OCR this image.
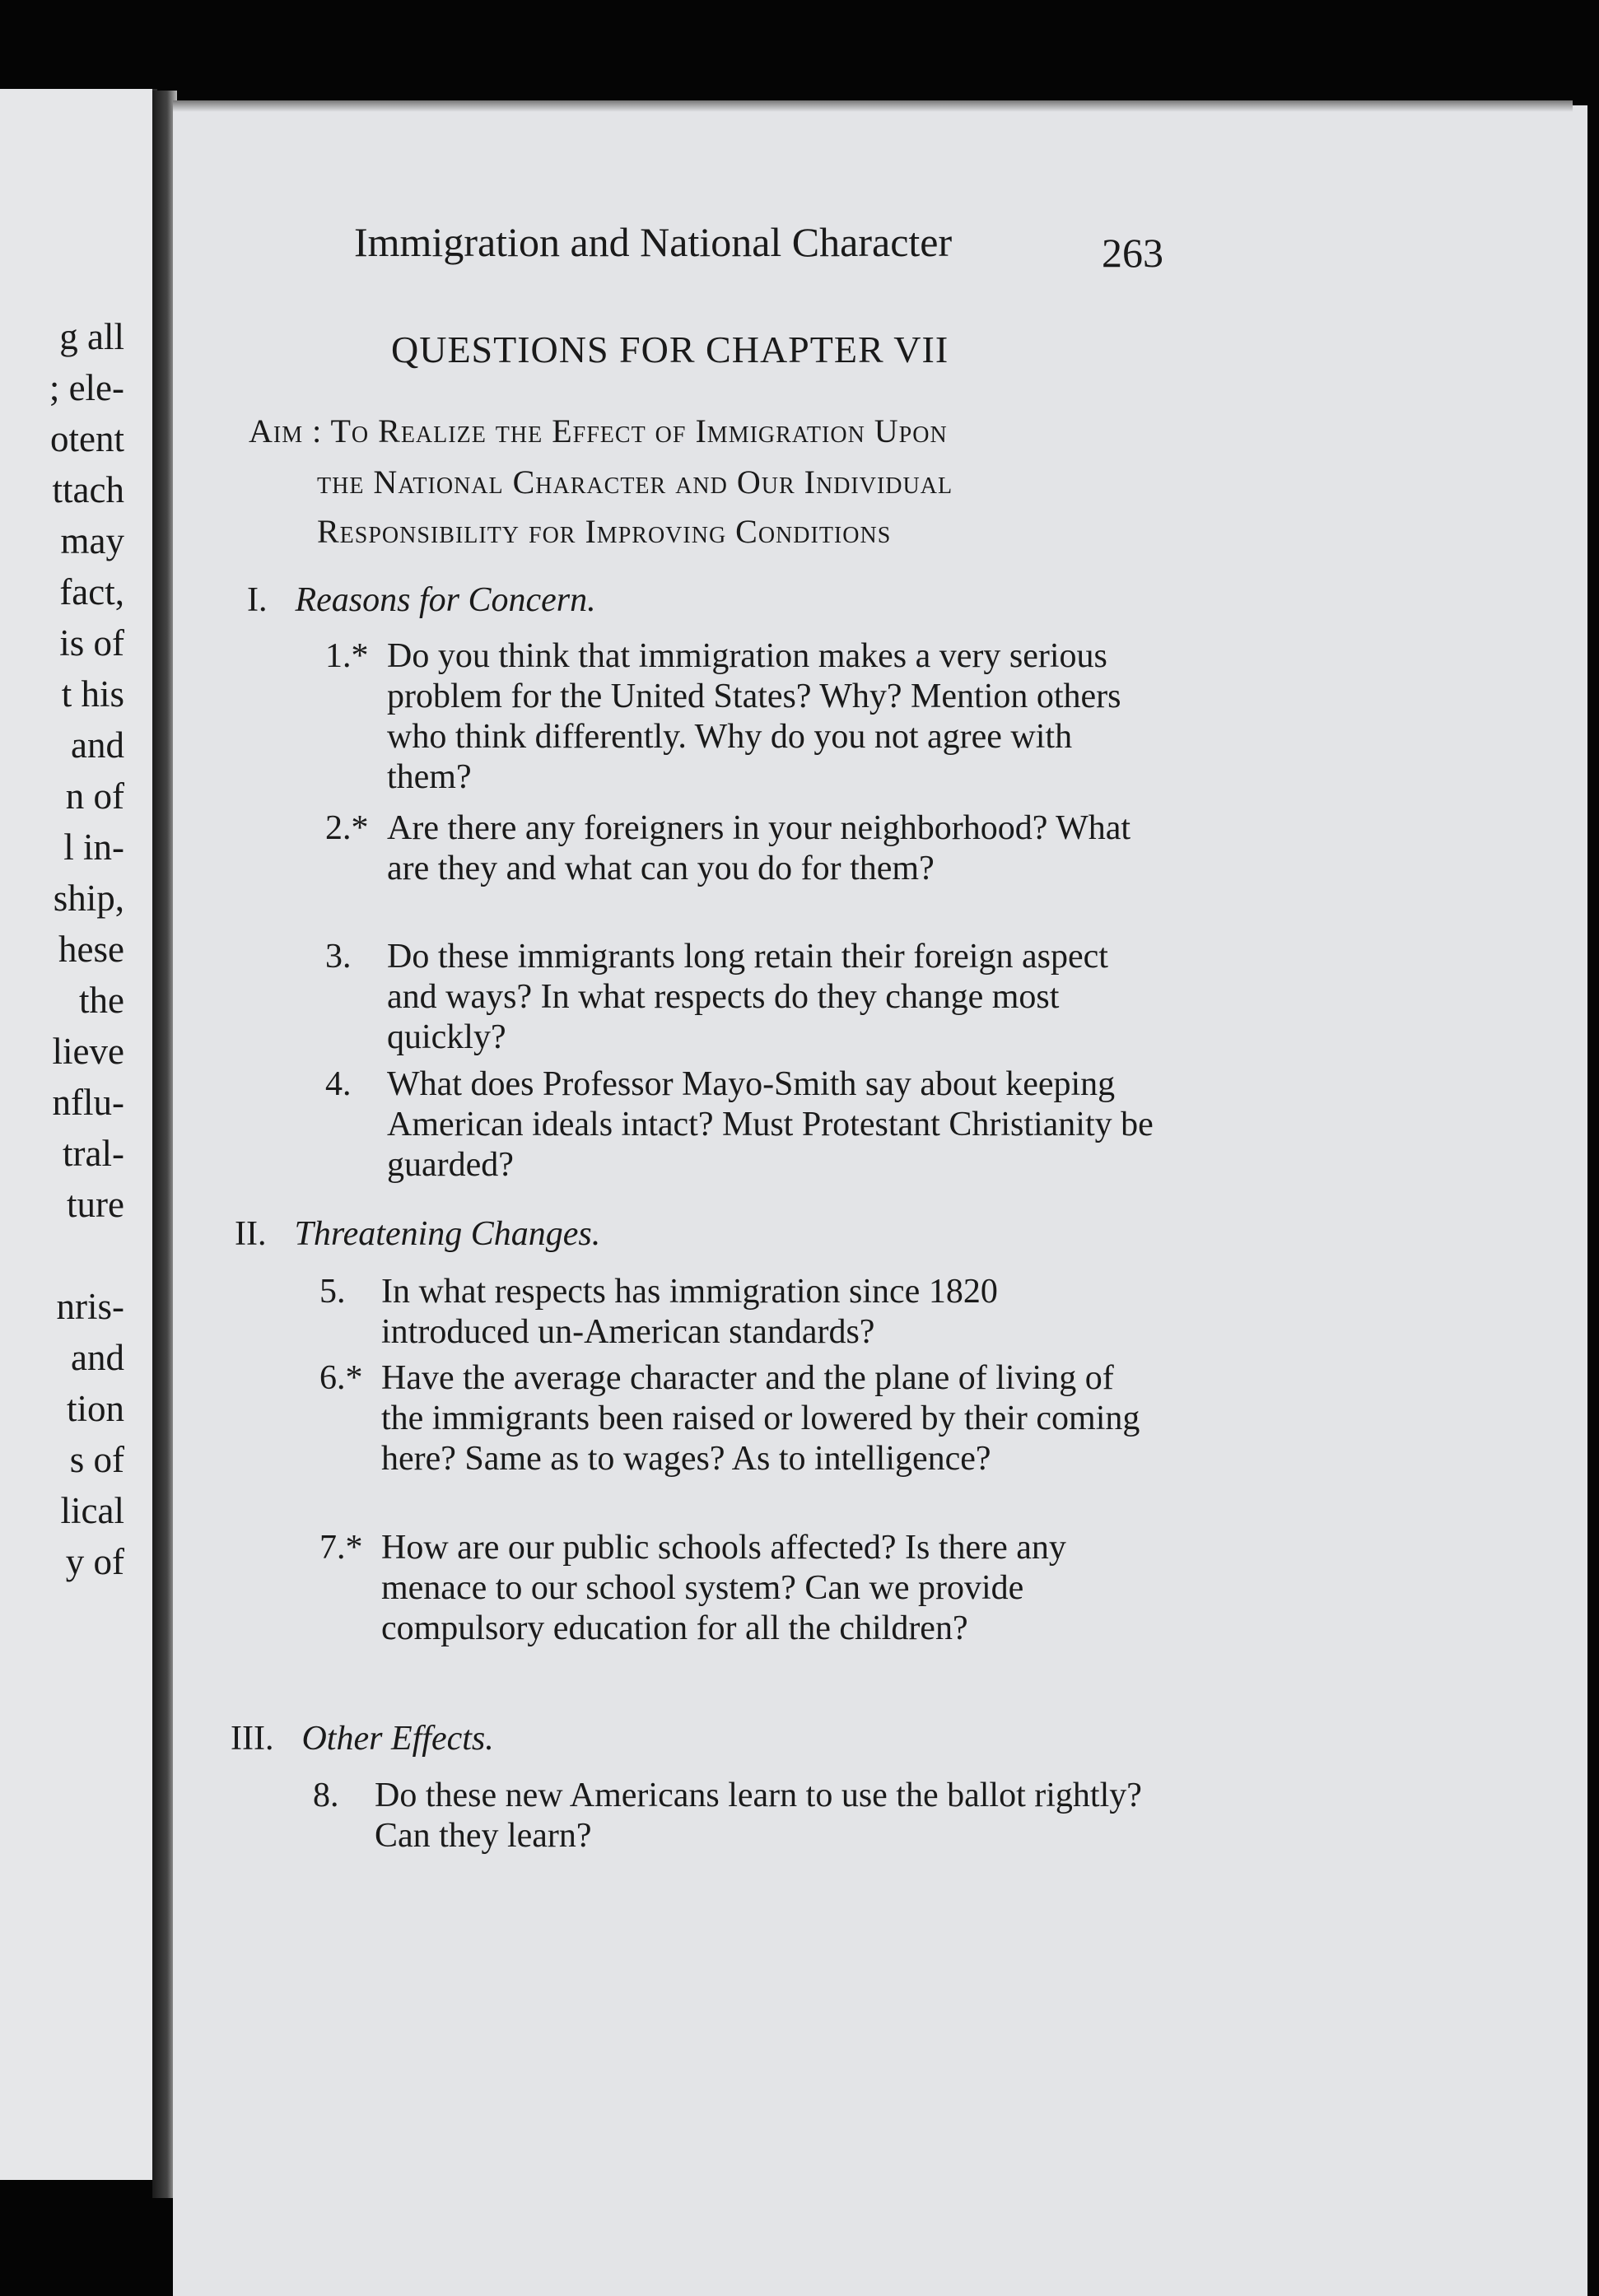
g all
; ele-
otent
ttach
may
fact,
is of
t his
and
n of
l in-
ship,
hese
the
lieve
nflu-
tral-
ture
nris-
and
tion
s of
lical
y of
Immigration and National Character	263
QUESTIONS FOR CHAPTER VII
Aim : To Realize the Effect of Immigration Upon
the National Character and Our Individual
Responsibility for Improving Conditions
I. Reasons for Concern.
1.* Do you think that immigration makes a very serious problem for the United States? Why? Mention others who think differently. Why do you not agree with them?
2.* Are there any foreigners in your neighborhood? What are they and what can you do for them?
3. Do these immigrants long retain their foreign aspect and ways? In what respects do they change most quickly?
4. What does Professor Mayo-Smith say about keeping American ideals intact? Must Protestant Christianity be guarded?
II. Threatening Changes.
5. In what respects has immigration since 1820 introduced un-American standards?
6.* Have the average character and the plane of living of the immigrants been raised or lowered by their coming here? Same as to wages? As to intelligence?
7.* How are our public schools affected? Is there any menace to our school system? Can we provide compulsory education for all the children?
III. Other Effects.
8. Do these new Americans learn to use the ballot rightly? Can they learn?
